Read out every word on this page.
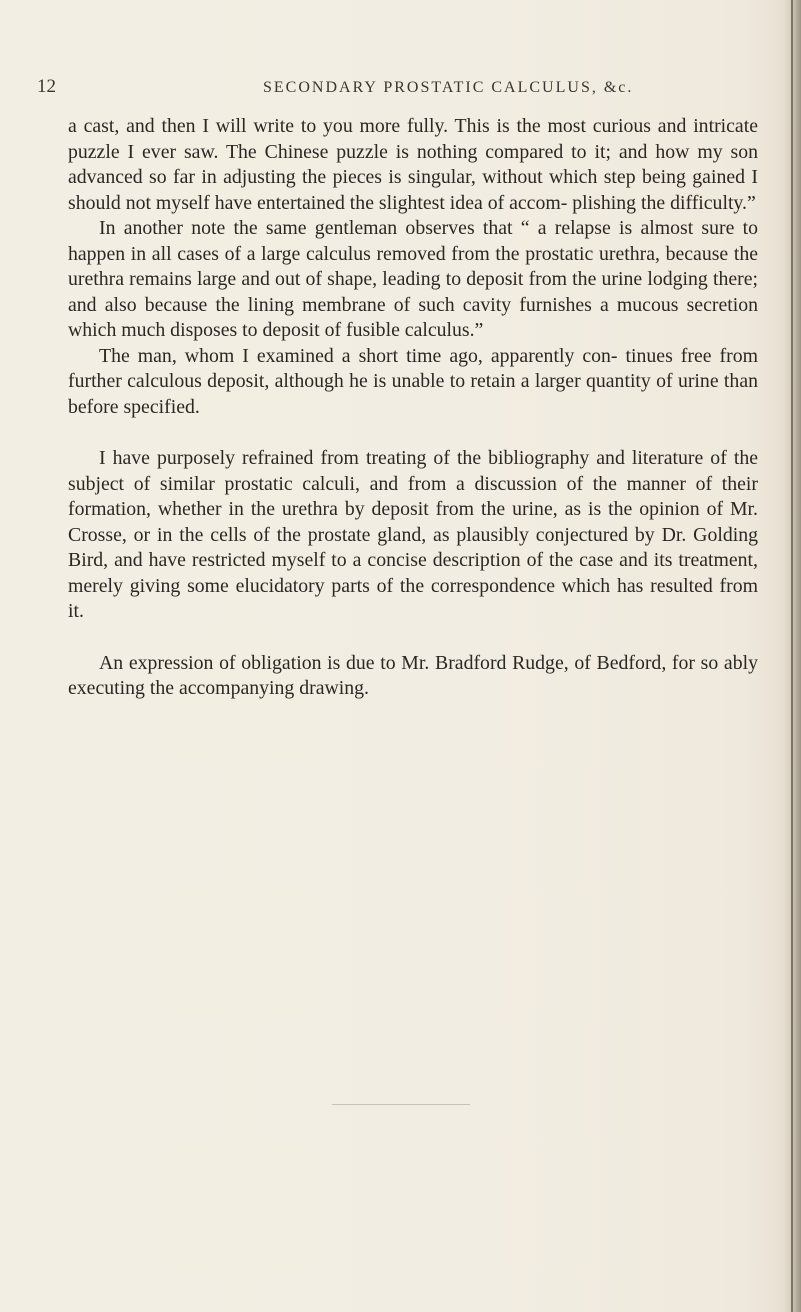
12	SECONDARY PROSTATIC CALCULUS, &c.

a cast, and then I will write to you more fully. This is the most curious and intricate puzzle I ever saw. The Chinese puzzle is nothing compared to it; and how my son advanced so far in adjusting the pieces is singular, without which step being gained I should not myself have entertained the slightest idea of accom- plishing the difficulty.”

In another note the same gentleman observes that “ a relapse is almost sure to happen in all cases of a large calculus removed from the prostatic urethra, because the urethra remains large and out of shape, leading to deposit from the urine lodging there; and also because the lining membrane of such cavity furnishes a mucous secretion which much disposes to deposit of fusible calculus.”

The man, whom I examined a short time ago, apparently con- tinues free from further calculous deposit, although he is unable to retain a larger quantity of urine than before specified.

I have purposely refrained from treating of the bibliography and literature of the subject of similar prostatic calculi, and from a discussion of the manner of their formation, whether in the urethra by deposit from the urine, as is the opinion of Mr. Crosse, or in the cells of the prostate gland, as plausibly conjectured by Dr. Golding Bird, and have restricted myself to a concise description of the case and its treatment, merely giving some elucidatory parts of the correspondence which has resulted from it.

An expression of obligation is due to Mr. Bradford Rudge, of Bedford, for so ably executing the accompanying drawing.
